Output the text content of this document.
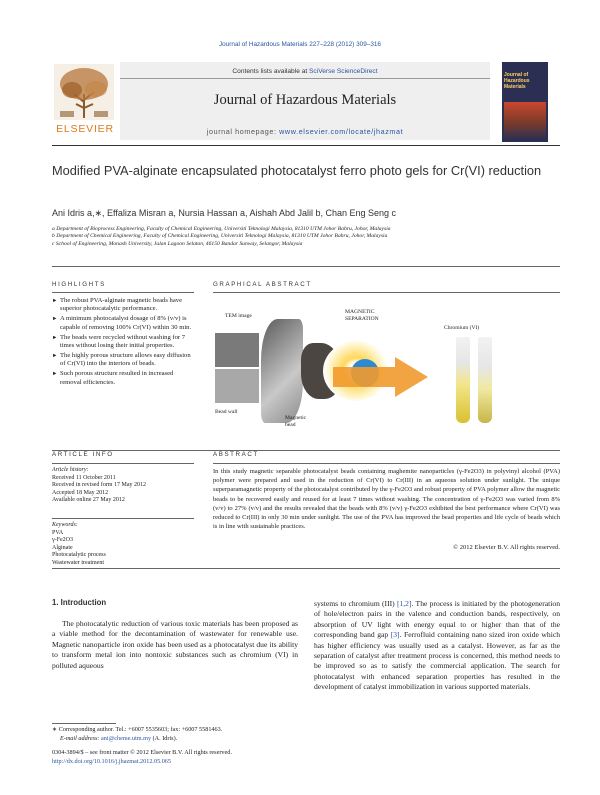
Journal of Hazardous Materials 227–228 (2012) 309–316
ELSEVIER
Contents lists available at SciVerse ScienceDirect
Journal of Hazardous Materials
journal homepage: www.elsevier.com/locate/jhazmat
Journal of Hazardous Materials
Modified PVA-alginate encapsulated photocatalyst ferro photo gels for Cr(VI) reduction
Ani Idris a,∗, Effaliza Misran a, Nursia Hassan a, Aishah Abd Jalil b, Chan Eng Seng c
a Department of Bioprocess Engineering, Faculty of Chemical Engineering, Universiti Teknologi Malaysia, 81310 UTM Johor Bahru, Johor, Malaysia
b Department of Chemical Engineering, Faculty of Chemical Engineering, Universiti Teknologi Malaysia, 81310 UTM Johor Bahru, Johor, Malaysia
c School of Engineering, Monash University, Jalan Lagoon Selatan, 46150 Bandar Sunway, Selangor, Malaysia
HIGHLIGHTS
► The robust PVA-alginate magnetic beads have superior photocatalytic performance.
► A minimum photocatalyst dosage of 8% (v/v) is capable of removing 100% Cr(VI) within 30 min.
► The beads were recycled without washing for 7 times without losing their initial properties.
► The highly porous structure allows easy diffusion of Cr(VI) into the interiors of beads.
► Such porous structure resulted in increased removal efficiencies.
GRAPHICAL ABSTRACT
TEM image
Bead wall
Magnetic bead
MAGNETIC SEPARATION
Chromium (VI)
ARTICLE INFO
Article history:
Received 11 October 2011
Received in revised form 17 May 2012
Accepted 18 May 2012
Available online 27 May 2012
Keywords:
PVA
γ-Fe2O3
Alginate
Photocatalytic process
Wastewater treatment
ABSTRACT
In this study magnetic separable photocatalyst beads containing maghemite nanoparticles (γ-Fe2O3) in polyvinyl alcohol (PVA) polymer were prepared and used in the reduction of Cr(VI) to Cr(III) in an aqueous solution under sunlight. The unique superparamagnetic property of the photocatalyst contributed by the γ-Fe2O3 and robust property of PVA polymer allow the magnetic beads to be recovered easily and reused for at least 7 times without washing. The concentration of γ-Fe2O3 was varied from 8% (v/v) to 27% (v/v) and the results revealed that the beads with 8% (v/v) γ-Fe2O3 exhibited the best performance where Cr(VI) was reduced to Cr(III) in only 30 min under sunlight. The use of the PVA has improved the bead properties and life cycle of beads which is in line with sustainable practices.
© 2012 Elsevier B.V. All rights reserved.
1. Introduction
The photocatalytic reduction of various toxic materials has been proposed as a viable method for the decontamination of wastewater for renewable use. Magnetic nanoparticle iron oxide has been used as a photocatalyst due its ability to transform metal ion into nontoxic substances such as chromium (VI) in polluted aqueous
systems to chromium (III) [1,2]. The process is initiated by the photogeneration of hole/electron pairs in the valence and conduction bands, respectively, on absorption of UV light with energy equal to or higher than that of the corresponding band gap [3]. Ferrofluid containing nano sized iron oxide which has higher efficiency was usually used as a catalyst. However, as far as the separation of catalyst after treatment process is concerned, this method needs to be improved so as to satisfy the commercial application. The search for photocatalyst with enhanced separation properties has resulted in the development of catalyst immobilization in various supported materials.
∗ Corresponding author. Tel.: +6007 5535603; fax: +6007 5581463.
E-mail address: ani@cheme.utm.my (A. Idris).
0304-3894/$ – see front matter © 2012 Elsevier B.V. All rights reserved.
http://dx.doi.org/10.1016/j.jhazmat.2012.05.065
